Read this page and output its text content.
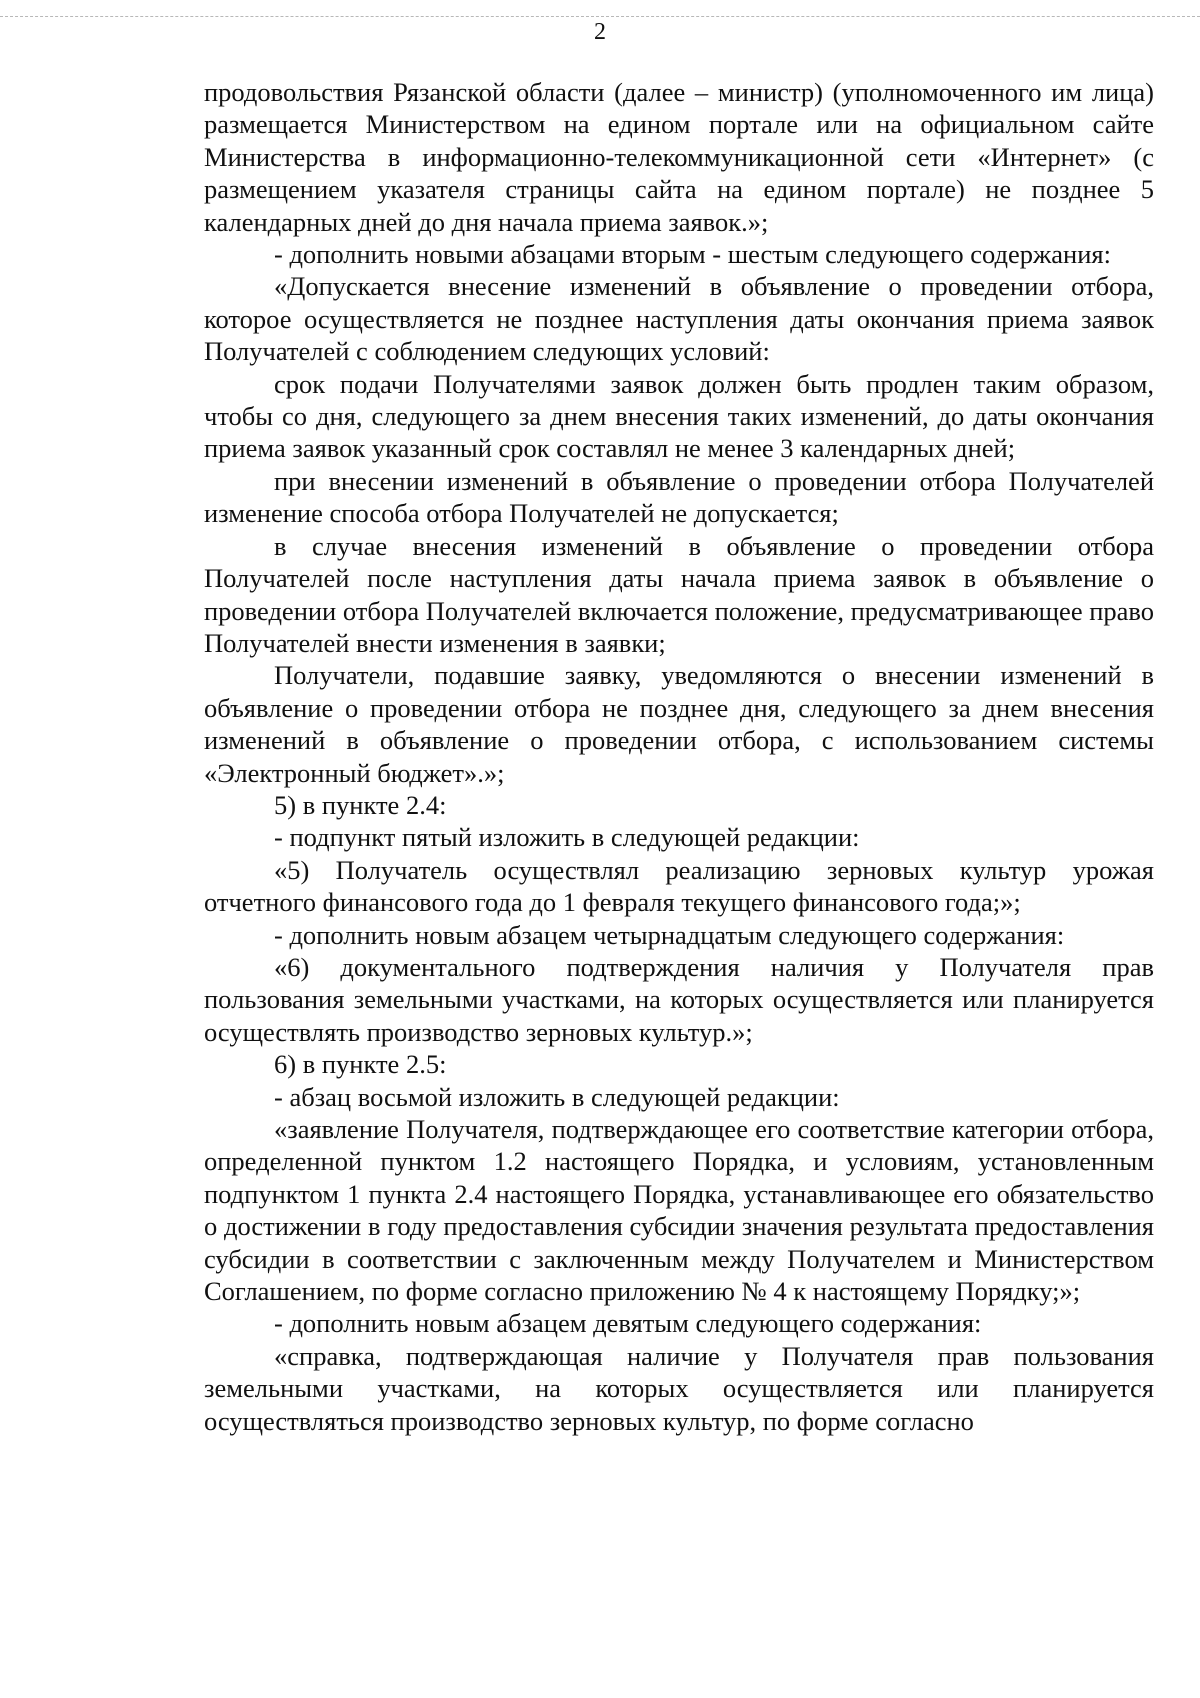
2

продовольствия Рязанской области (далее – министр) (уполномоченного им лица) размещается Министерством на едином портале или на официальном сайте Министерства в информационно-телекоммуникационной сети «Интернет» (с размещением указателя страницы сайта на едином портале) не позднее 5 календарных дней до дня начала приема заявок.»;

- дополнить новыми абзацами вторым - шестым следующего содержания:

«Допускается внесение изменений в объявление о проведении отбора, которое осуществляется не позднее наступления даты окончания приема заявок Получателей с соблюдением следующих условий:

срок подачи Получателями заявок должен быть продлен таким образом, чтобы со дня, следующего за днем внесения таких изменений, до даты окончания приема заявок указанный срок составлял не менее 3 календарных дней;

при внесении изменений в объявление о проведении отбора Получателей изменение способа отбора Получателей не допускается;

в случае внесения изменений в объявление о проведении отбора Получателей после наступления даты начала приема заявок в объявление о проведении отбора Получателей включается положение, предусматривающее право Получателей внести изменения в заявки;

Получатели, подавшие заявку, уведомляются о внесении изменений в объявление о проведении отбора не позднее дня, следующего за днем внесения изменений в объявление о проведении отбора, с использованием системы «Электронный бюджет».»;

5) в пункте 2.4:

- подпункт пятый изложить в следующей редакции:

«5) Получатель осуществлял реализацию зерновых культур урожая отчетного финансового года до 1 февраля текущего финансового года;»;

- дополнить новым абзацем четырнадцатым следующего содержания:

«6) документального подтверждения наличия у Получателя прав пользования земельными участками, на которых осуществляется или планируется осуществлять производство зерновых культур.»;

6) в пункте 2.5:

- абзац восьмой изложить в следующей редакции:

«заявление Получателя, подтверждающее его соответствие категории отбора, определенной пунктом 1.2 настоящего Порядка, и условиям, установленным подпунктом 1 пункта 2.4 настоящего Порядка, устанавливающее его обязательство о достижении в году предоставления субсидии значения результата предоставления субсидии в соответствии с заключенным между Получателем и Министерством Соглашением, по форме согласно приложению № 4 к настоящему Порядку;»;

- дополнить новым абзацем девятым следующего содержания:

«справка, подтверждающая наличие у Получателя прав пользования земельными участками, на которых осуществляется или планируется осуществляться производство зерновых культур, по форме согласно
